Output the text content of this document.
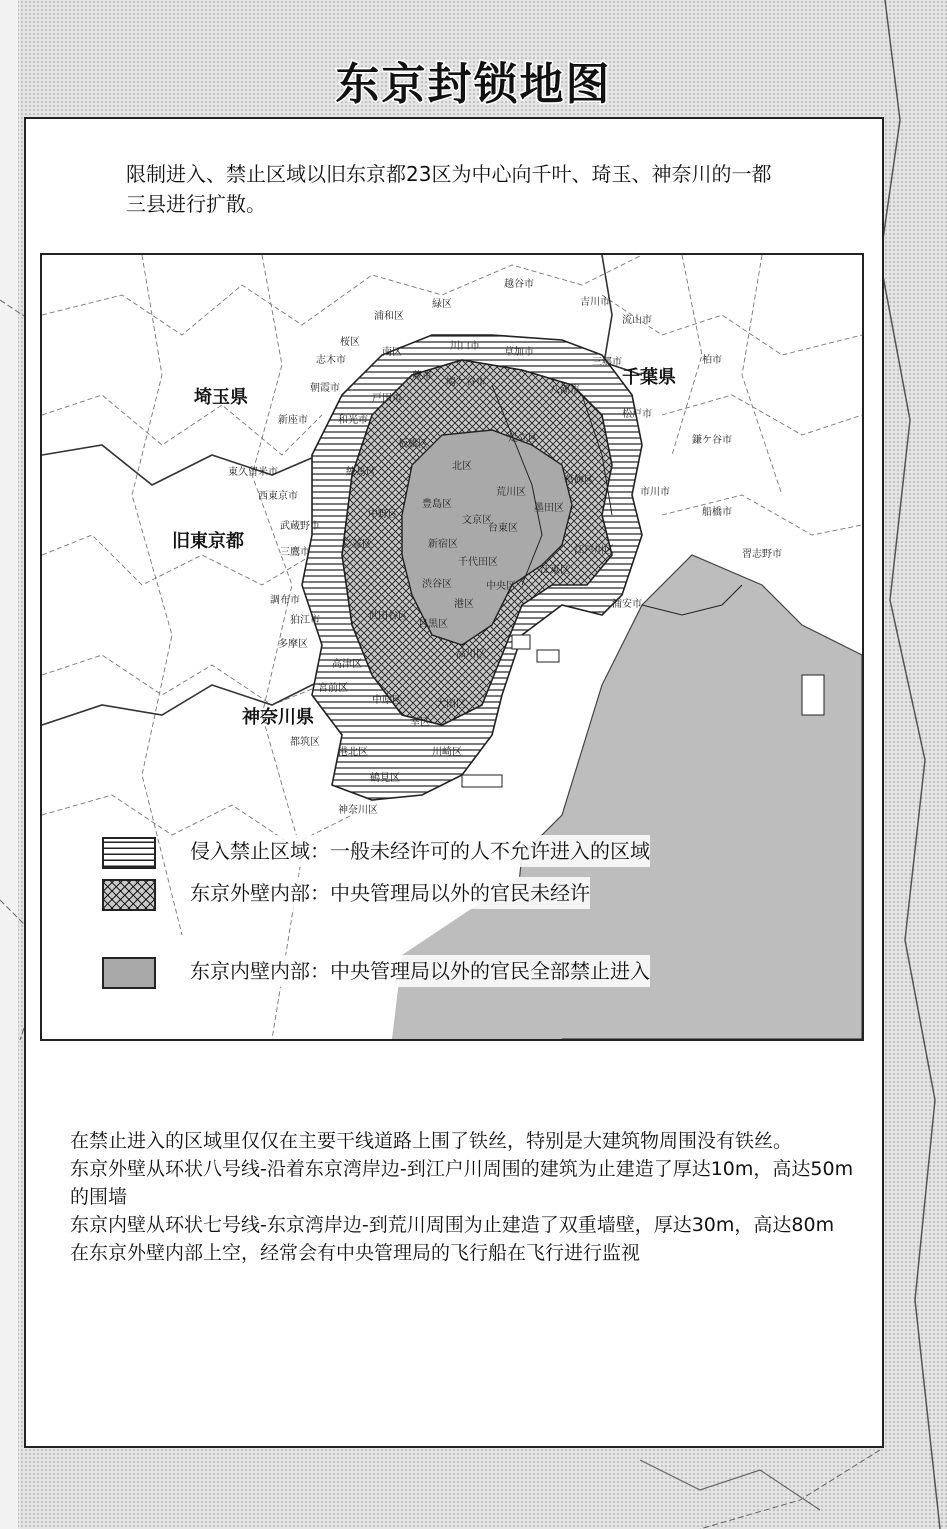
东京封锁地图
限制进入、禁止区域以旧东京都23区为中心向千叶、琦玉、神奈川的一都三县进行扩散。
埼玉県
千葉県
旧東京都
神奈川県
越谷市
吉川市
流山市
柏市
三郷市
松戸市
鎌ケ谷市
市川市
船橋市
習志野市
浦安市
緑区
浦和区
桜区
南区
川口市
草加市
八潮市
鳩ケ谷市
蕨市
戸田市
和光市
朝霞市
志木市
新座市
東久留米市
西東京市
武蔵野市
三鷹市
調布市
狛江市
多摩区
高津区
宮前区
中原区
幸区
都筑区
港北区	川崎区
鶴見区
神奈川区
足立区
板橋区
練馬区
北区
荒川区
葛飾区
豊島区
文京区
墨田区
台東区
中野区
新宿区
杉並区
千代田区
江戸川区
江東区
渋谷区	中央区
港区
世田谷区
目黒区
品川区
大田区
侵入禁止区域：一般未经许可的人不允许进入的区域
东京外壁内部：中央管理局以外的官民未经许
东京内壁内部：中央管理局以外的官民全部禁止进入

在禁止进入的区域里仅仅在主要干线道路上围了铁丝，特别是大建筑物周围没有铁丝。

东京外壁从环状八号线-沿着东京湾岸边-到江户川周围的建筑为止建造了厚达10m，高达50m的围墙

东京内壁从环状七号线-东京湾岸边-到荒川周围为止建造了双重墙壁，厚达30m，高达80m

在东京外壁内部上空，经常会有中央管理局的飞行船在飞行进行监视
